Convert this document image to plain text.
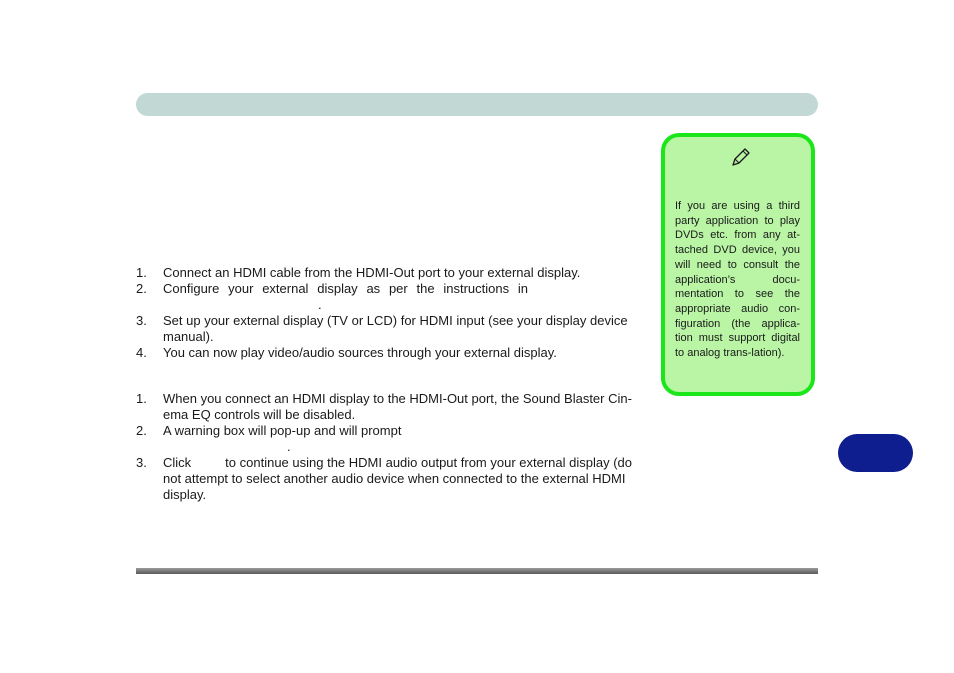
1.	Connect an HDMI cable from the HDMI-Out port to your external display.
2.	Configure your external display as per the instructions in
.
3.	Set up your external display (TV or LCD) for HDMI input (see your display device manual).
4.	You can now play video/audio sources through your external display.
1.	When you connect an HDMI display to the HDMI-Out port, the Sound Blaster Cin-ema EQ controls will be disabled.
2.	A warning box will pop-up and will prompt
.
3.	Click	to continue using the HDMI audio output from your external display (do not attempt to select another audio device when connected to the external HDMI display.
If you are using a third party application to play DVDs etc. from any at-tached DVD device, you will need to consult the application’s docu-mentation to see the appropriate audio con-figuration (the applica-tion must support digital to analog trans-lation).
